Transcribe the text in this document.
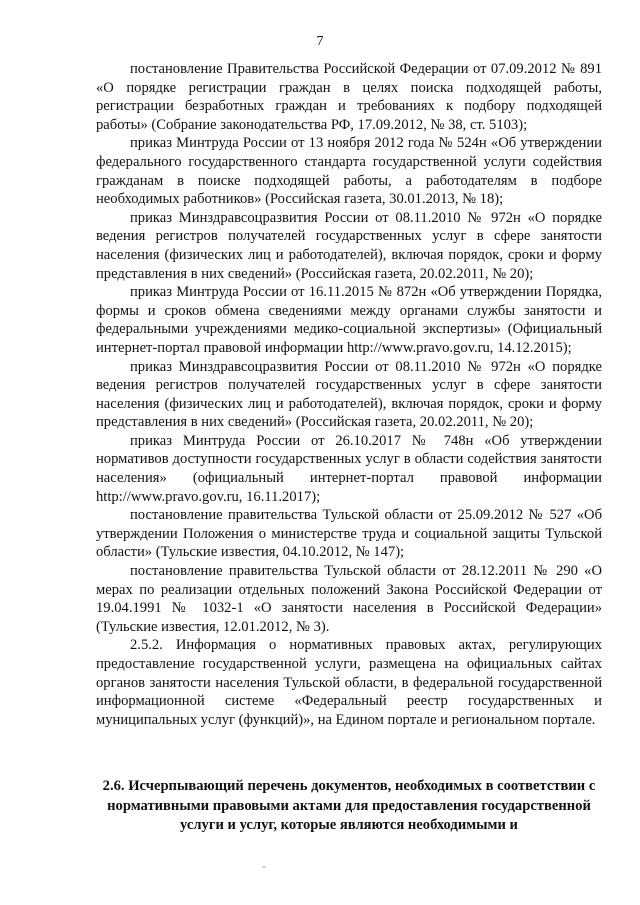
7

постановление Правительства Российской Федерации от 07.09.2012 № 891 «О порядке регистрации граждан в целях поиска подходящей работы, регистрации безработных граждан и требованиях к подбору подходящей работы» (Собрание законодательства РФ, 17.09.2012, № 38, ст. 5103);

приказ Минтруда России от 13 ноября 2012 года № 524н «Об утверждении федерального государственного стандарта государственной услуги содействия гражданам в поиске подходящей работы, а работодателям в подборе необходимых работников» (Российская газета, 30.01.2013, № 18);

приказ Минздравсоцразвития России от 08.11.2010 № 972н «О порядке ведения регистров получателей государственных услуг в сфере занятости населения (физических лиц и работодателей), включая порядок, сроки и форму представления в них сведений» (Российская газета, 20.02.2011, № 20);

приказ Минтруда России от 16.11.2015 № 872н «Об утверждении Порядка, формы и сроков обмена сведениями между органами службы занятости и федеральными учреждениями медико-социальной экспертизы» (Официальный интернет-портал правовой информации http://www.pravo.gov.ru, 14.12.2015);

приказ Минздравсоцразвития России от 08.11.2010 № 972н «О порядке ведения регистров получателей государственных услуг в сфере занятости населения (физических лиц и работодателей), включая порядок, сроки и форму представления в них сведений» (Российская газета, 20.02.2011, № 20);

приказ Минтруда России от 26.10.2017 № 748н «Об утверждении нормативов доступности государственных услуг в области содействия занятости населения» (официальный интернет-портал правовой информации http://www.pravo.gov.ru, 16.11.2017);

постановление правительства Тульской области от 25.09.2012 № 527 «Об утверждении Положения о министерстве труда и социальной защиты Тульской области» (Тульские известия, 04.10.2012, № 147);

постановление правительства Тульской области от 28.12.2011 № 290 «О мерах по реализации отдельных положений Закона Российской Федерации от 19.04.1991 № 1032-1 «О занятости населения в Российской Федерации» (Тульские известия, 12.01.2012, № 3).

2.5.2. Информация о нормативных правовых актах, регулирующих предоставление государственной услуги, размещена на официальных сайтах органов занятости населения Тульской области, в федеральной государственной информационной системе «Федеральный реестр государственных и муниципальных услуг (функций)», на Едином портале и региональном портале.

2.6. Исчерпывающий перечень документов, необходимых в соответствии с нормативными правовыми актами для предоставления государственной услуги и услуг, которые являются необходимыми и
